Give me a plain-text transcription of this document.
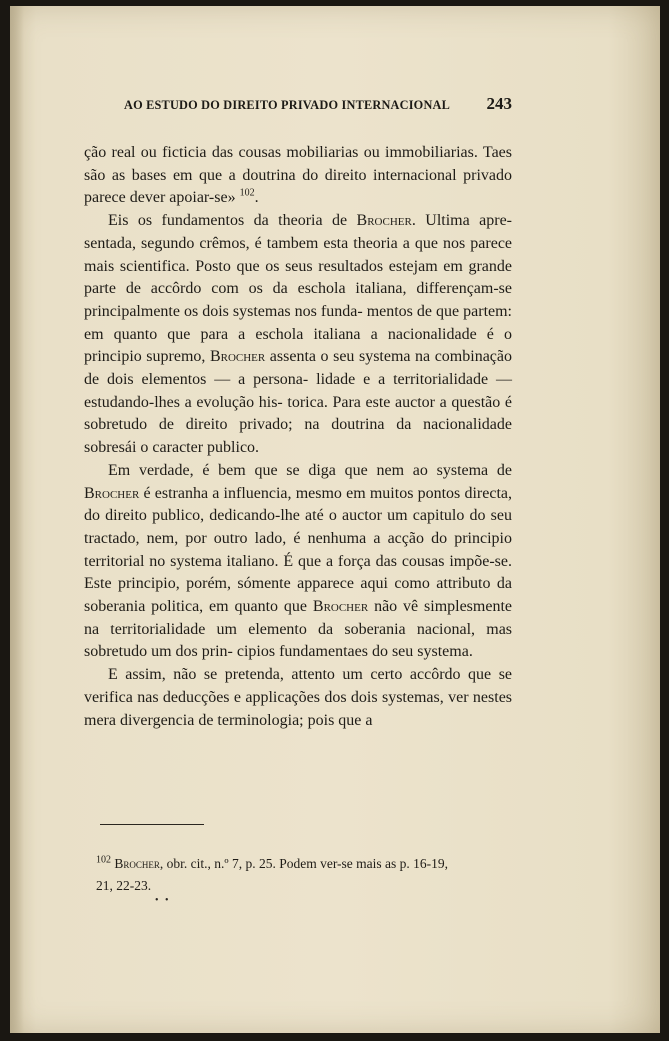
AO ESTUDO DO DIREITO PRIVADO INTERNACIONAL 243

ção real ou ficticia das cousas mobiliarias ou immobiliarias. Taes são as bases em que a doutrina do direito internacional privado parece dever apoiar-se» $^{102}$.

Eis os fundamentos da theoria de Brocher. Ultima apre- sentada, segundo crêmos, é tambem esta theoria a que nos parece mais scientifica. Posto que os seus resultados estejam em grande parte de accôrdo com os da eschola italiana, differençam-se principalmente os dois systemas nos funda- mentos de que partem: em quanto que para a eschola italiana a nacionalidade é o principio supremo, Brocher assenta o seu systema na combinação de dois elementos — a persona- lidade e a territorialidade — estudando-lhes a evolução his- torica. Para este auctor a questão é sobretudo de direito privado; na doutrina da nacionalidade sobresái o caracter publico.

Em verdade, é bem que se diga que nem ao systema de Brocher é estranha a influencia, mesmo em muitos pontos directa, do direito publico, dedicando-lhe até o auctor um capitulo do seu tractado, nem, por outro lado, é nenhuma a acção do principio territorial no systema italiano. É que a força das cousas impõe-se. Este principio, porém, sómente apparece aqui como attributo da soberania politica, em quanto que Brocher não vê simplesmente na territorialidade um elemento da soberania nacional, mas sobretudo um dos prin- cipios fundamentaes do seu systema.

E assim, não se pretenda, attento um certo accôrdo que se verifica nas deducções e applicações dos dois systemas, ver nestes mera divergencia de terminologia; pois que a

$^{102}$ Brocher, obr. cit., n.º 7, p. 25. Podem ver-se mais as p. 16-19,
21, 22-23.
• •
